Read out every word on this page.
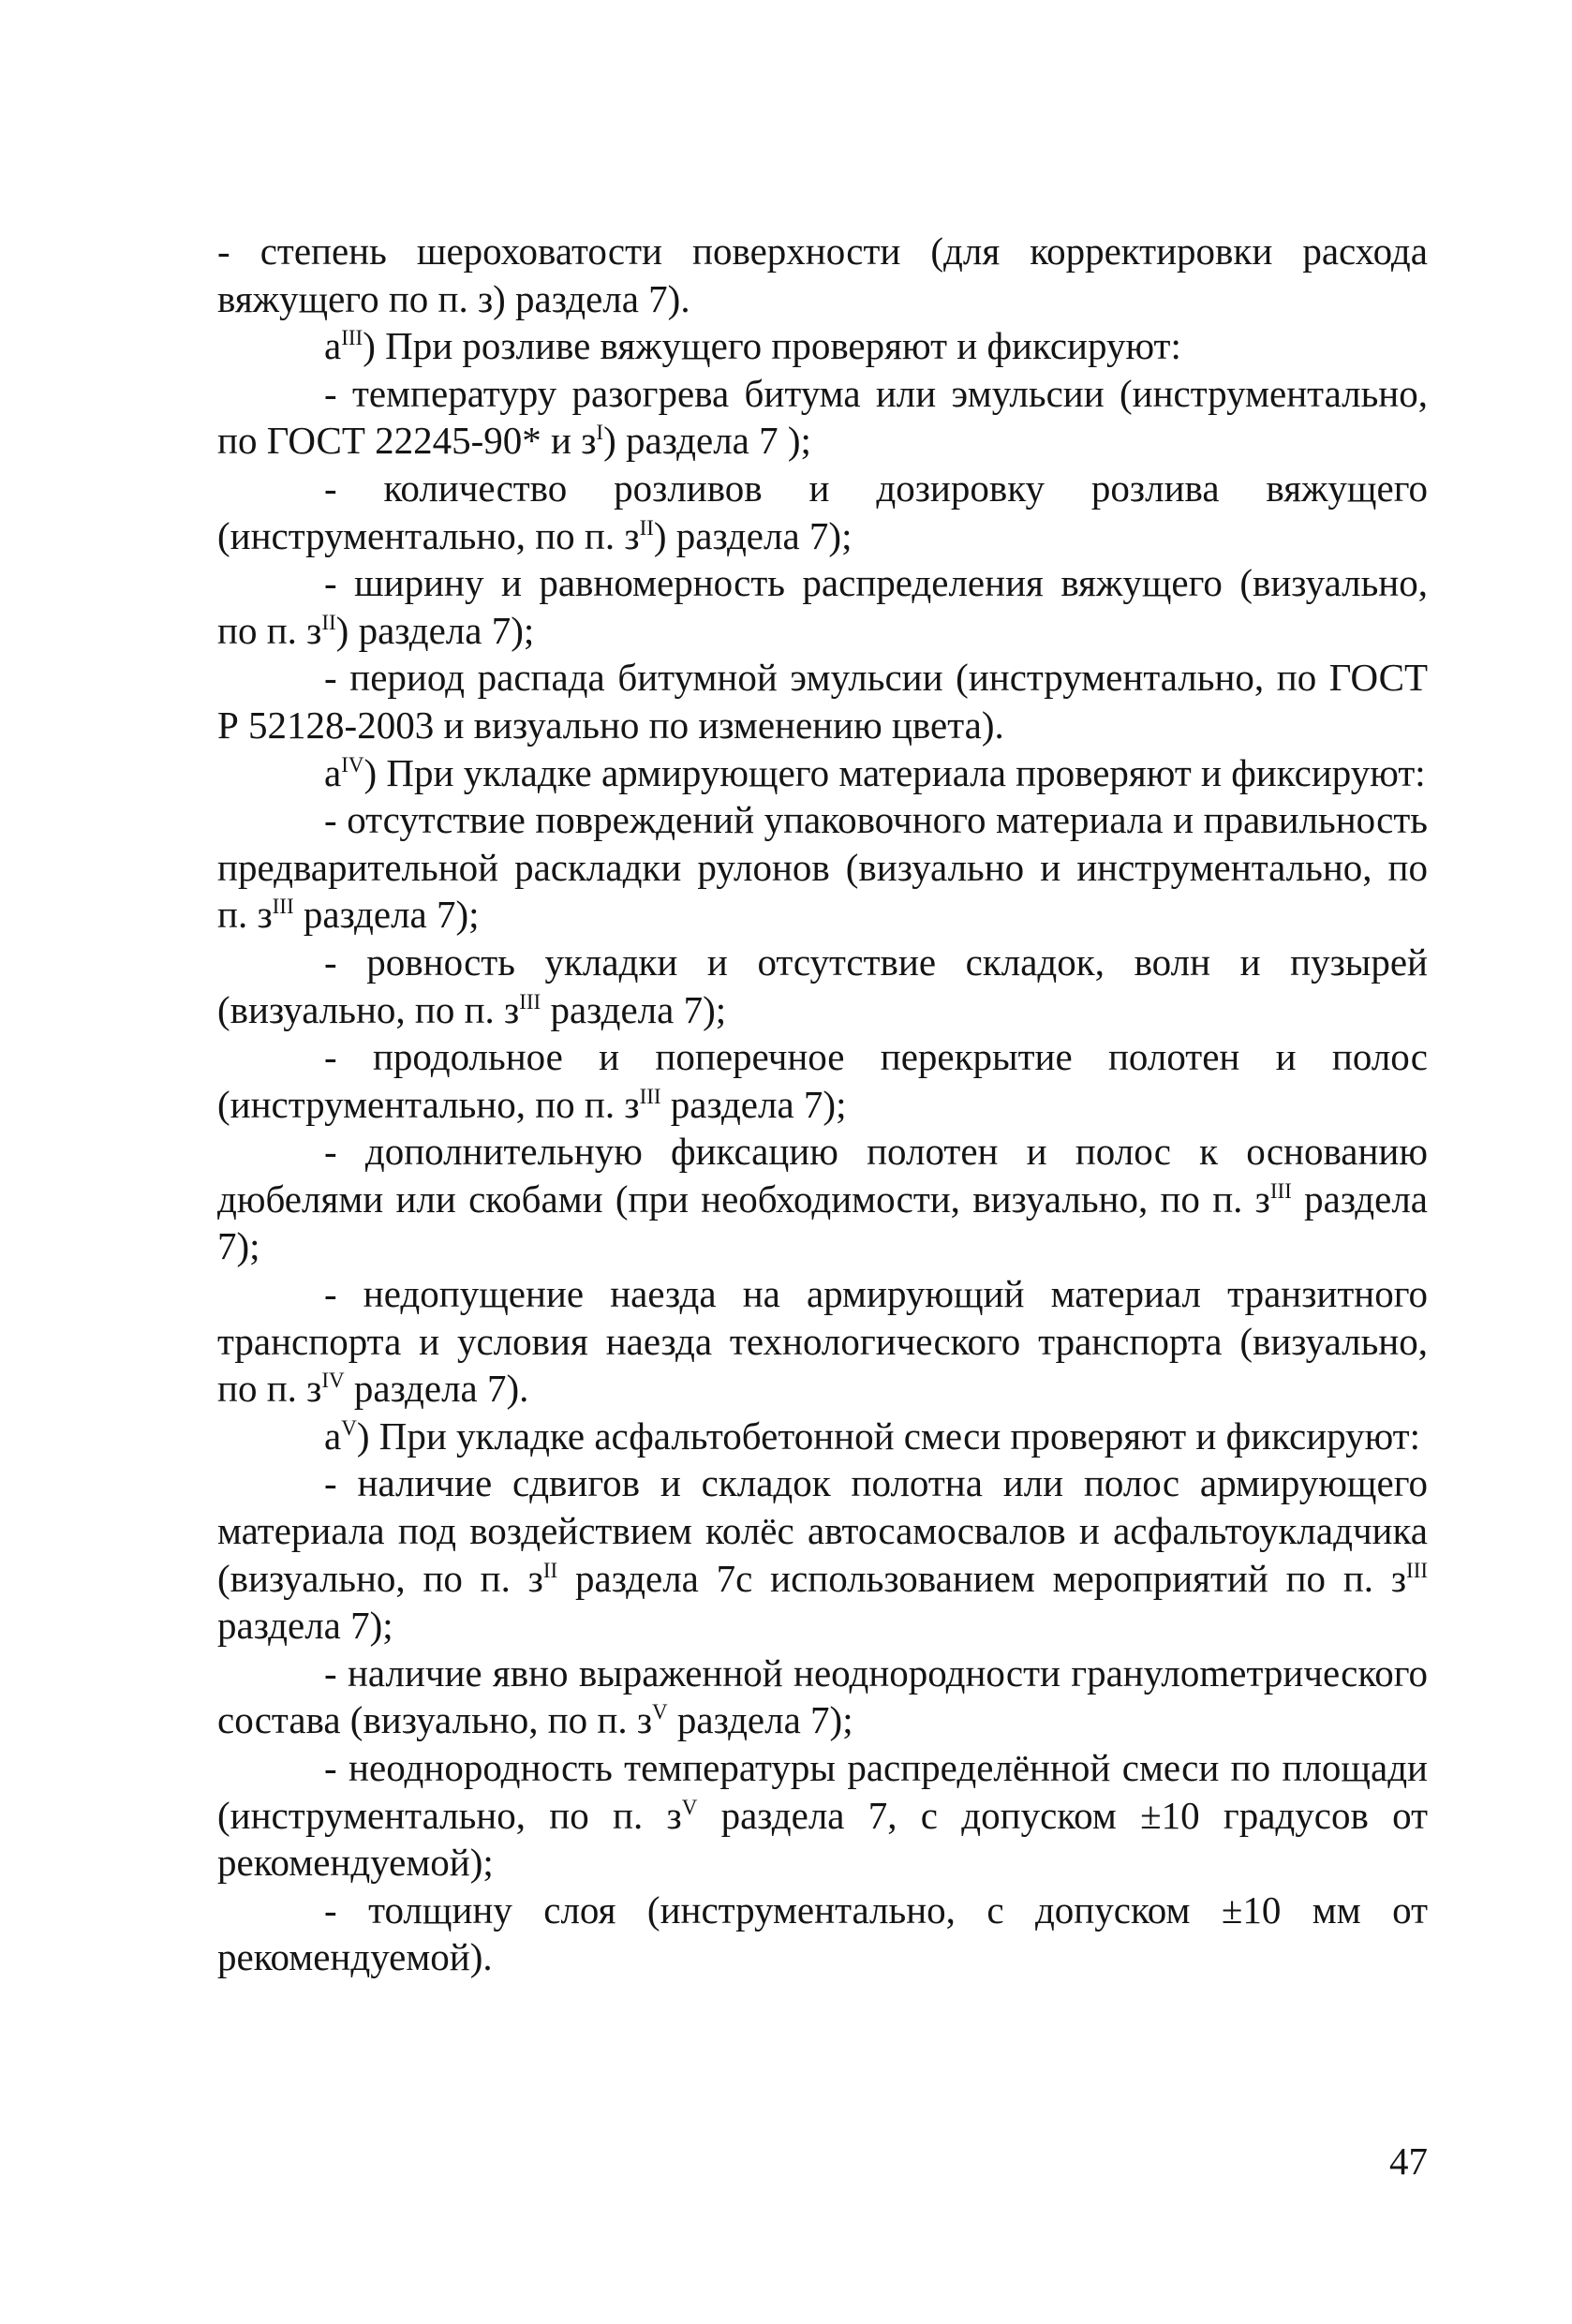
- степень шероховатости поверхности (для корректировки расхода вяжущего по п. з) раздела 7).

$а^{III}$) При розливе вяжущего проверяют и фиксируют:

- температуру разогрева битума или эмульсии (инструментально, по ГОСТ 22245-90* и $з^I$) раздела 7 );

- количество розливов и дозировку розлива вяжущего (инструментально, по п. $з^{II}$) раздела 7);

- ширину и равномерность распределения вяжущего (визуально, по п. $з^{II}$) раздела 7);

- период распада битумной эмульсии (инструментально, по ГОСТ Р 52128-2003 и визуально по изменению цвета).

$а^{IV}$) При укладке армирующего материала проверяют и фиксируют:

- отсутствие повреждений упаковочного материала и правильность предварительной раскладки рулонов (визуально и инструментально, по п. $з^{III}$ раздела 7);

- ровность укладки и отсутствие складок, волн и пузырей (визуально, по п. $з^{III}$ раздела 7);

- продольное и поперечное перекрытие полотен и полос (инструментально, по п. $з^{III}$ раздела 7);

- дополнительную фиксацию полотен и полос к основанию дюбелями или скобами (при необходимости, визуально, по п. $з^{III}$ раздела 7);

- недопущение наезда на армирующий материал транзитного транспорта и условия наезда технологического транспорта (визуально, по п. $з^{IV}$ раздела 7).

$а^V$) При укладке асфальтобетонной смеси проверяют и фиксируют:

- наличие сдвигов и складок полотна или полос армирующего материала под воздействием колёс автосамосвалов и асфальтоукладчика (визуально, по п. $з^{II}$ раздела 7с использованием мероприятий по п. $з^{III}$ раздела 7);

- наличие явно выраженной неоднородности гранулоmетрического состава (визуально, по п. $з^V$ раздела 7);

- неоднородность температуры распределённой смеси по площади (инструментально, по п. $з^V$ раздела 7, с допуском ±10 градусов от рекомендуемой);

- толщину слоя (инструментально, с допуском ±10 мм от рекомендуемой).

47
